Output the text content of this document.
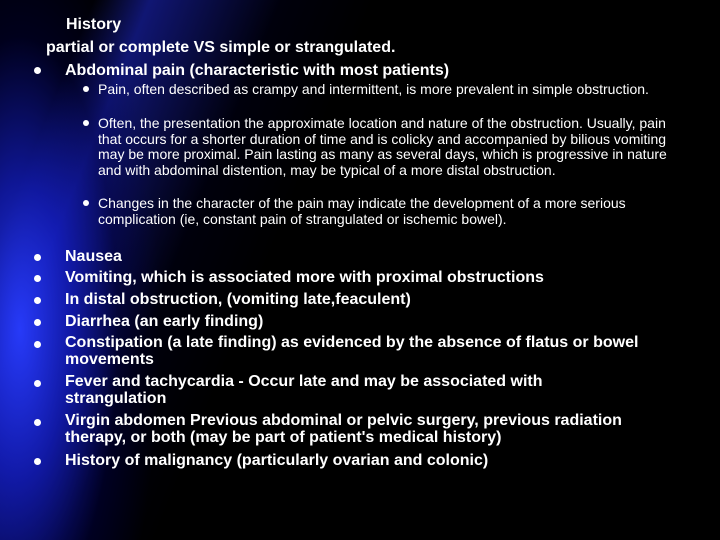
History
partial or complete VS simple or strangulated.
Abdominal pain (characteristic with most patients)
Pain, often described as crampy and intermittent, is more prevalent in simple obstruction.
Often, the presentation the approximate location and nature of the obstruction. Usually, pain that occurs for a shorter duration of time and is colicky and accompanied by bilious vomiting may be more proximal. Pain lasting as many as several days, which is progressive in nature and with abdominal distention, may be typical of a more distal obstruction.
Changes in the character of the pain may indicate the development of a more serious complication (ie, constant pain of strangulated or ischemic bowel).
Nausea
Vomiting, which is associated more with proximal obstructions
In distal obstruction, (vomiting late,feaculent)
Diarrhea (an early finding)
Constipation (a late finding) as evidenced by the absence of flatus or bowel movements
Fever and tachycardia - Occur late and may be associated with strangulation
Virgin abdomen Previous abdominal or pelvic surgery, previous radiation therapy, or both (may be part of patient's medical history)
History of malignancy (particularly ovarian and colonic)
